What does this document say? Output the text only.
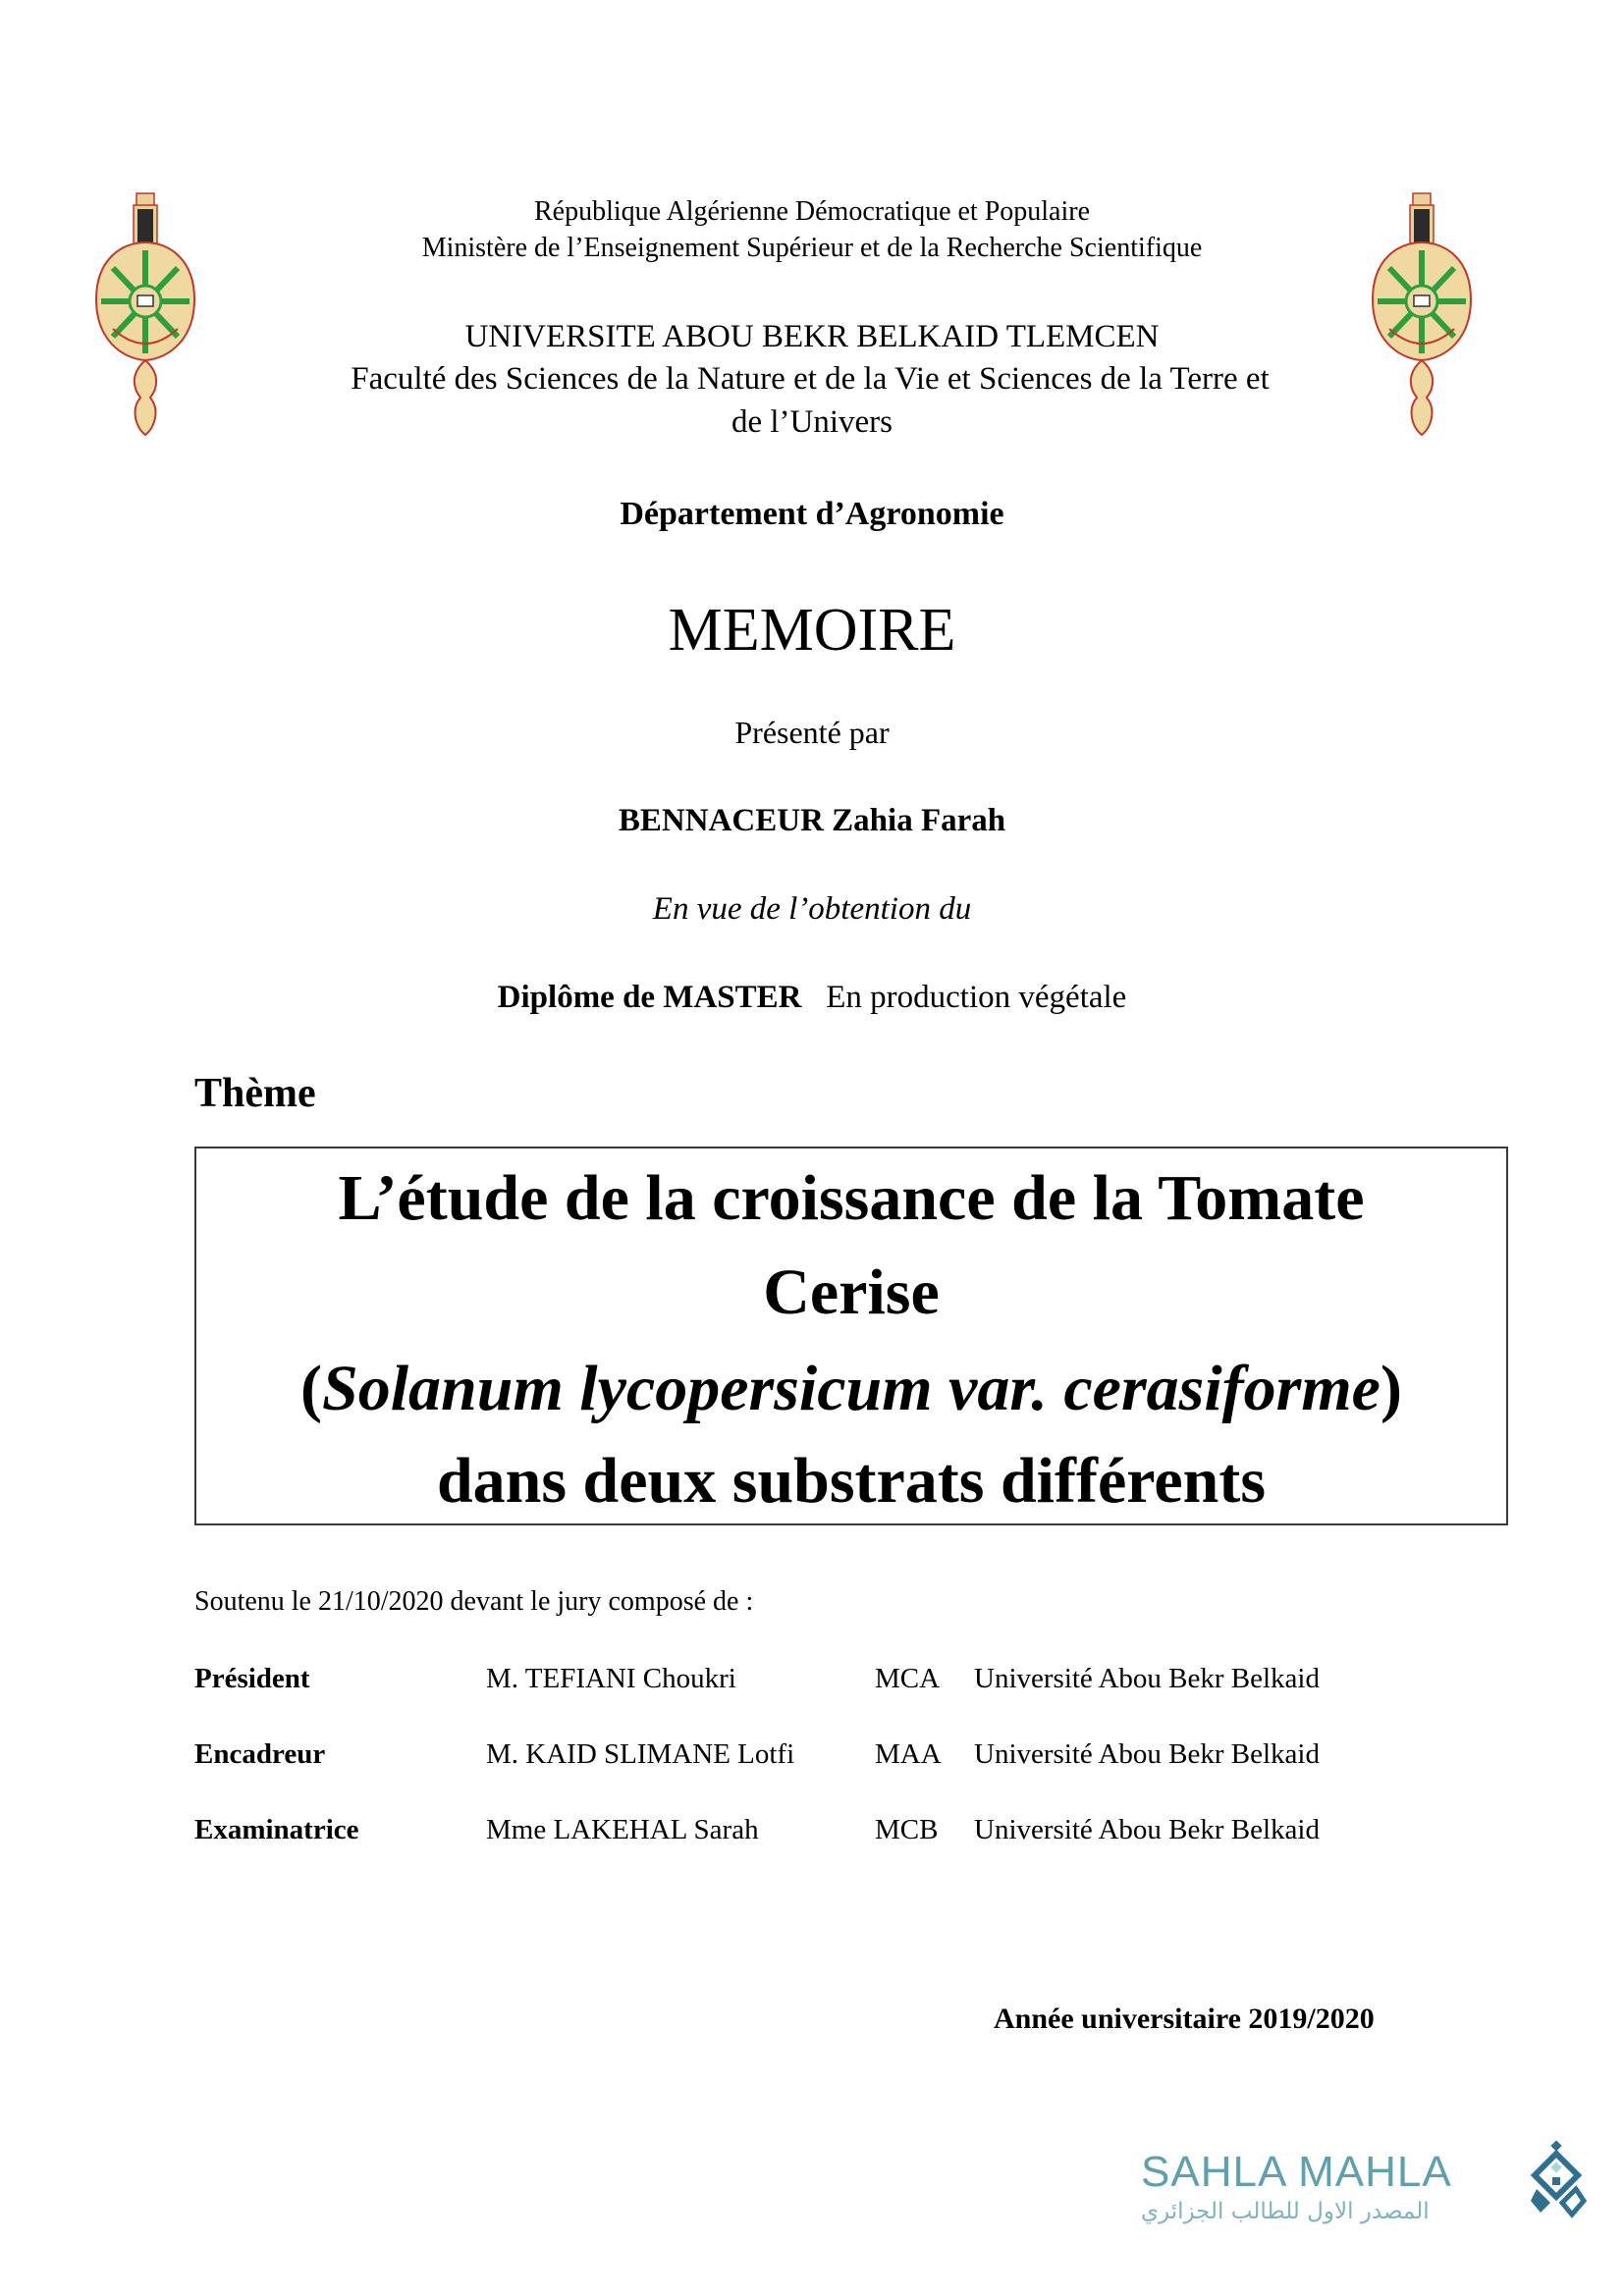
République Algérienne Démocratique et Populaire
Ministère de l’Enseignement Supérieur et de la Recherche Scientifique
UNIVERSITE ABOU BEKR BELKAID TLEMCEN
Faculté des Sciences de la Nature et de la Vie et Sciences de la Terre et
de l’Univers
Département d’Agronomie
MEMOIRE
Présenté par
BENNACEUR Zahia Farah
En vue de l’obtention du
Diplôme de MASTER En production végétale
Thème
L’étude de la croissance de la Tomate
Cerise
(Solanum lycopersicum var. cerasiforme)
dans deux substrats différents
Soutenu le 21/10/2020 devant le jury composé de :
Président	M. TEFIANI Choukri	MCA Université Abou Bekr Belkaid
Encadreur	M. KAID SLIMANE Lotfi	MAA Université Abou Bekr Belkaid
Examinatrice	Mme LAKEHAL Sarah	MCB Université Abou Bekr Belkaid
Année universitaire 2019/2020
SAHLA MAHLA
المصدر الاول للطالب الجزائري
